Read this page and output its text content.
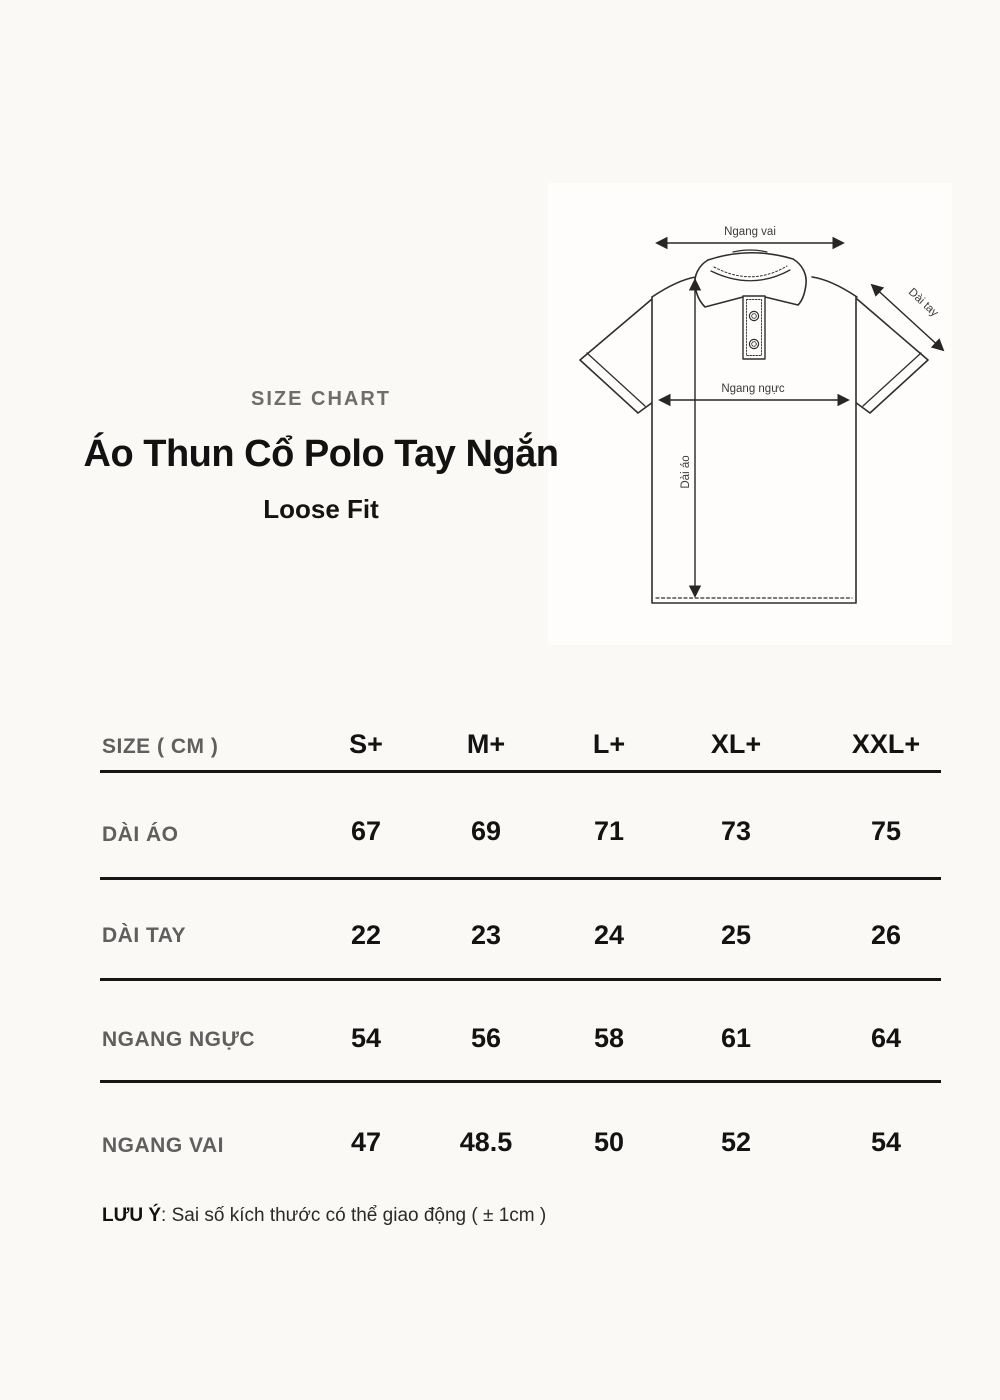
Ngang vai
Ngang ngực
Dài áo
Dài tay
SIZE CHART
Áo Thun Cổ Polo Tay Ngắn
Loose Fit
SIZE ( CM )	S+	M+	L+	XL+	XXL+
DÀI ÁO	67	69	71	73	75
DÀI TAY	22	23	24	25	26
NGANG NGỰC	54	56	58	61	64
NGANG VAI	47	48.5	50	52	54
LƯU Ý: Sai số kích thước có thể giao động ( ± 1cm )
